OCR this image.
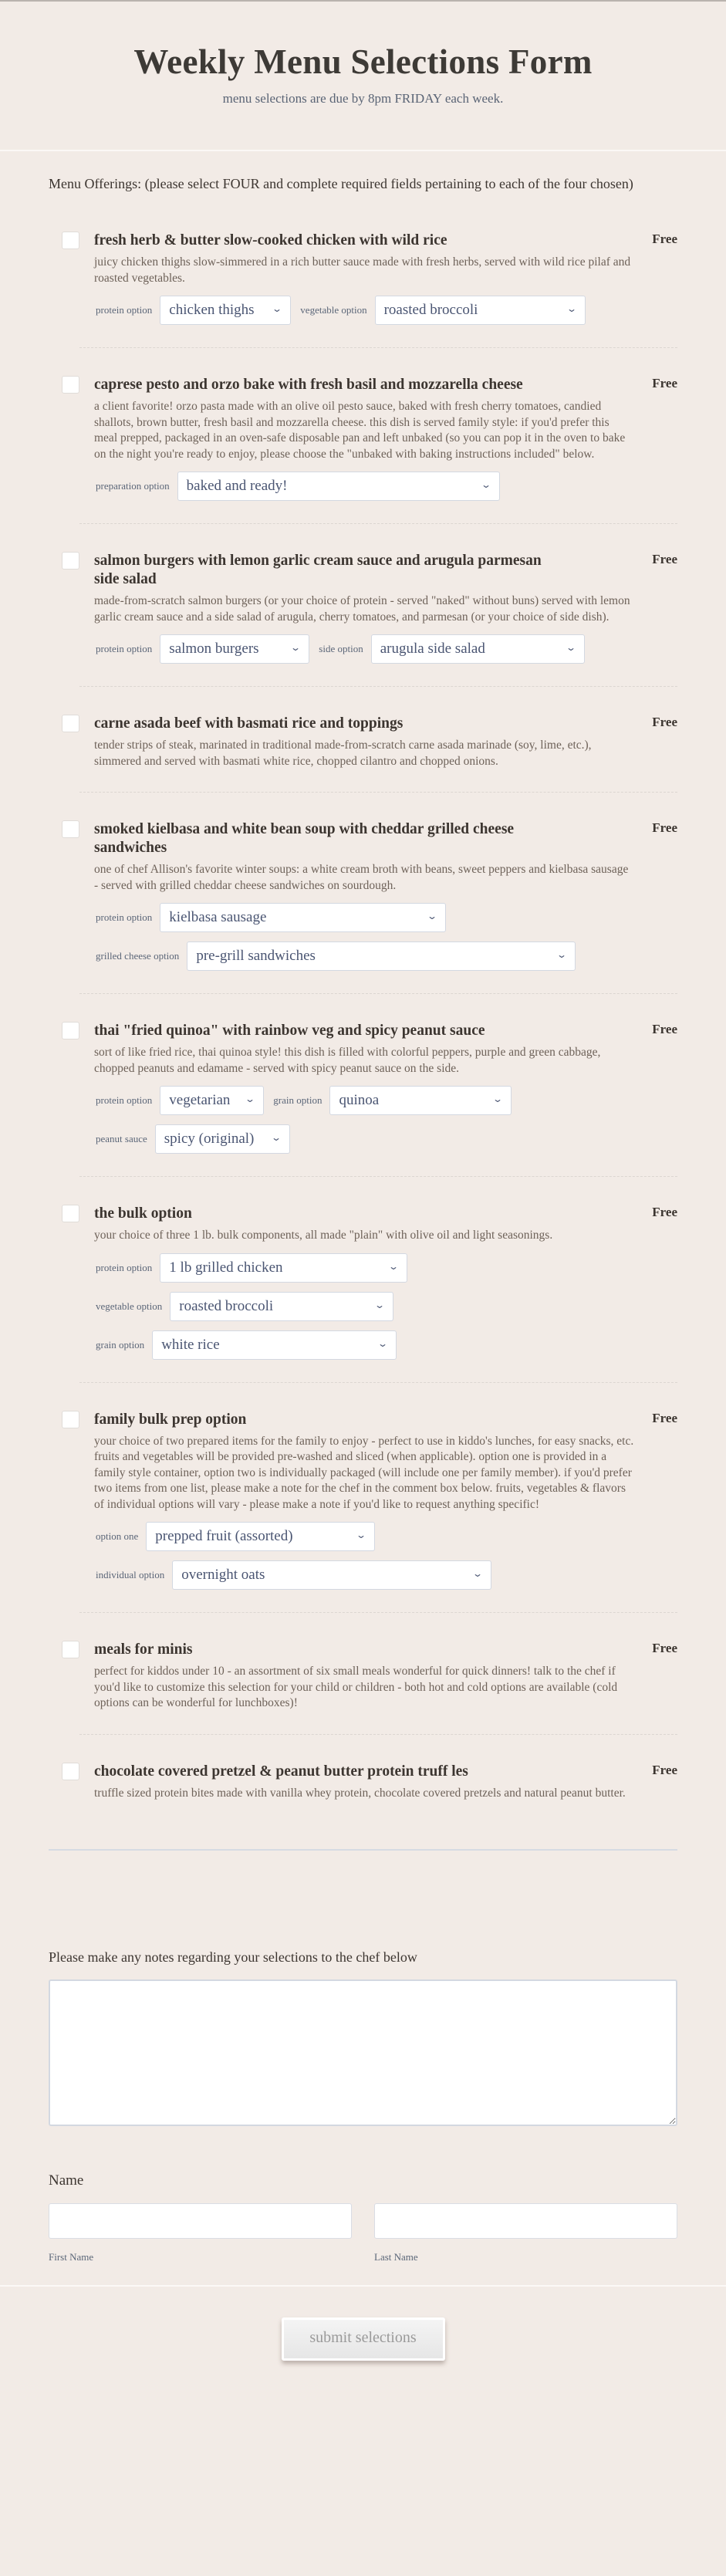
Weekly Menu Selections Form
menu selections are due by 8pm FRIDAY each week.
Menu Offerings: (please select FOUR and complete required fields pertaining to each of the four chosen)
Free
fresh herb & butter slow-cooked chicken with wild rice
juicy chicken thighs slow-simmered in a rich butter sauce made with fresh herbs, served with wild rice pilaf and roasted vegetables.
protein option	chicken thighs ⌄ vegetable option	roasted broccoli	⌄
Free
caprese pesto and orzo bake with fresh basil and mozzarella cheese
a client favorite! orzo pasta made with an olive oil pesto sauce, baked with fresh cherry tomatoes, candied shallots, brown butter, fresh basil and mozzarella cheese. this dish is served family style: if you'd prefer this meal prepped, packaged in an oven-safe disposable pan and left unbaked (so you can pop it in the oven to bake on the night you're ready to enjoy, please choose the "unbaked with baking instructions included" below.
preparation option	baked and ready!	⌄
Free
salmon burgers with lemon garlic cream sauce and arugula parmesan side salad
made-from-scratch salmon burgers (or your choice of protein - served "naked" without buns) served with lemon garlic cream sauce and a side salad of arugula, cherry tomatoes, and parmesan (or your choice of side dish).
protein option	salmon burgers	⌄ side option	arugula side salad	⌄
Free
carne asada beef with basmati rice and toppings
tender strips of steak, marinated in traditional made-from-scratch carne asada marinade (soy, lime, etc.), simmered and served with basmati white rice, chopped cilantro and chopped onions.
Free
smoked kielbasa and white bean soup with cheddar grilled cheese sandwiches
one of chef Allison's favorite winter soups: a white cream broth with beans, sweet peppers and kielbasa sausage - served with grilled cheddar cheese sandwiches on sourdough.
protein option	kielbasa sausage	⌄
grilled cheese option	pre-grill sandwiches	⌄
Free
thai "fried quinoa" with rainbow veg and spicy peanut sauce
sort of like fried rice, thai quinoa style! this dish is filled with colorful peppers, purple and green cabbage, chopped peanuts and edamame - served with spicy peanut sauce on the side.
protein option	vegetarian ⌄ grain option	quinoa	⌄
peanut sauce	spicy (original) ⌄
Free
the bulk option
your choice of three 1 lb. bulk components, all made "plain" with olive oil and light seasonings.
protein option	1 lb grilled chicken	⌄
vegetable option	roasted broccoli	⌄
grain option	white rice	⌄
Free
family bulk prep option
your choice of two prepared items for the family to enjoy - perfect to use in kiddo's lunches, for easy snacks, etc. fruits and vegetables will be provided pre-washed and sliced (when applicable). option one is provided in a family style container, option two is individually packaged (will include one per family member). if you'd prefer two items from one list, please make a note for the chef in the comment box below. fruits, vegetables & flavors of individual options will vary - please make a note if you'd like to request anything specific!
option one	prepped fruit (assorted)	⌄
individual option	overnight oats	⌄
Free
meals for minis
perfect for kiddos under 10 - an assortment of six small meals wonderful for quick dinners! talk to the chef if you'd like to customize this selection for your child or children - both hot and cold options are available (cold options can be wonderful for lunchboxes)!
Free
chocolate covered pretzel & peanut butter protein truff les
truffle sized protein bites made with vanilla whey protein, chocolate covered pretzels and natural peanut butter.
Please make any notes regarding your selections to the chef below
Name
First Name	Last Name
submit selections
